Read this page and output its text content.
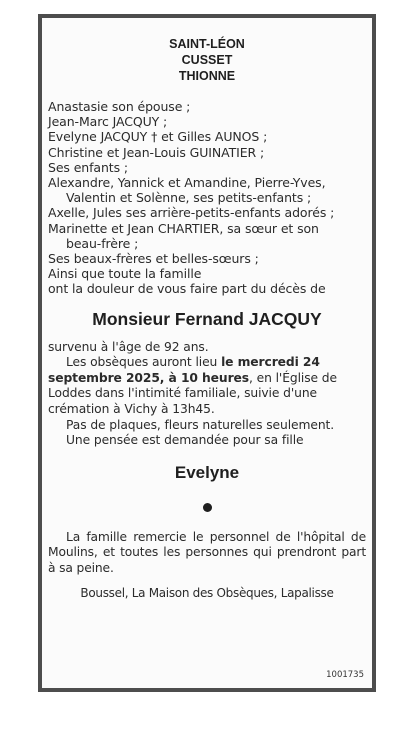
SAINT-LÉON
CUSSET
THIONNE
Anastasie son épouse ;
Jean-Marc JACQUY ;
Evelyne JACQUY † et Gilles AUNOS ;
Christine et Jean-Louis GUINATIER ;
Ses enfants ;
Alexandre, Yannick et Amandine, Pierre-Yves,
Valentin et Solènne, ses petits-enfants ;
Axelle, Jules ses arrière-petits-enfants adorés ;
Marinette et Jean CHARTIER, sa sœur et son
beau-frère ;
Ses beaux-frères et belles-sœurs ;
Ainsi que toute la famille
ont la douleur de vous faire part du décès de
Monsieur Fernand JACQUY
survenu à l'âge de 92 ans.
Les obsèques auront lieu le mercredi 24
septembre 2025, à 10 heures, en l'Église de
Loddes dans l'intimité familiale, suivie d'une
crémation à Vichy à 13h45.
Pas de plaques, fleurs naturelles seulement.
Une pensée est demandée pour sa fille
Evelyne
La famille remercie le personnel de l'hôpital de Moulins, et toutes les personnes qui prendront part à sa peine.
Boussel, La Maison des Obsèques, Lapalisse
1001735
